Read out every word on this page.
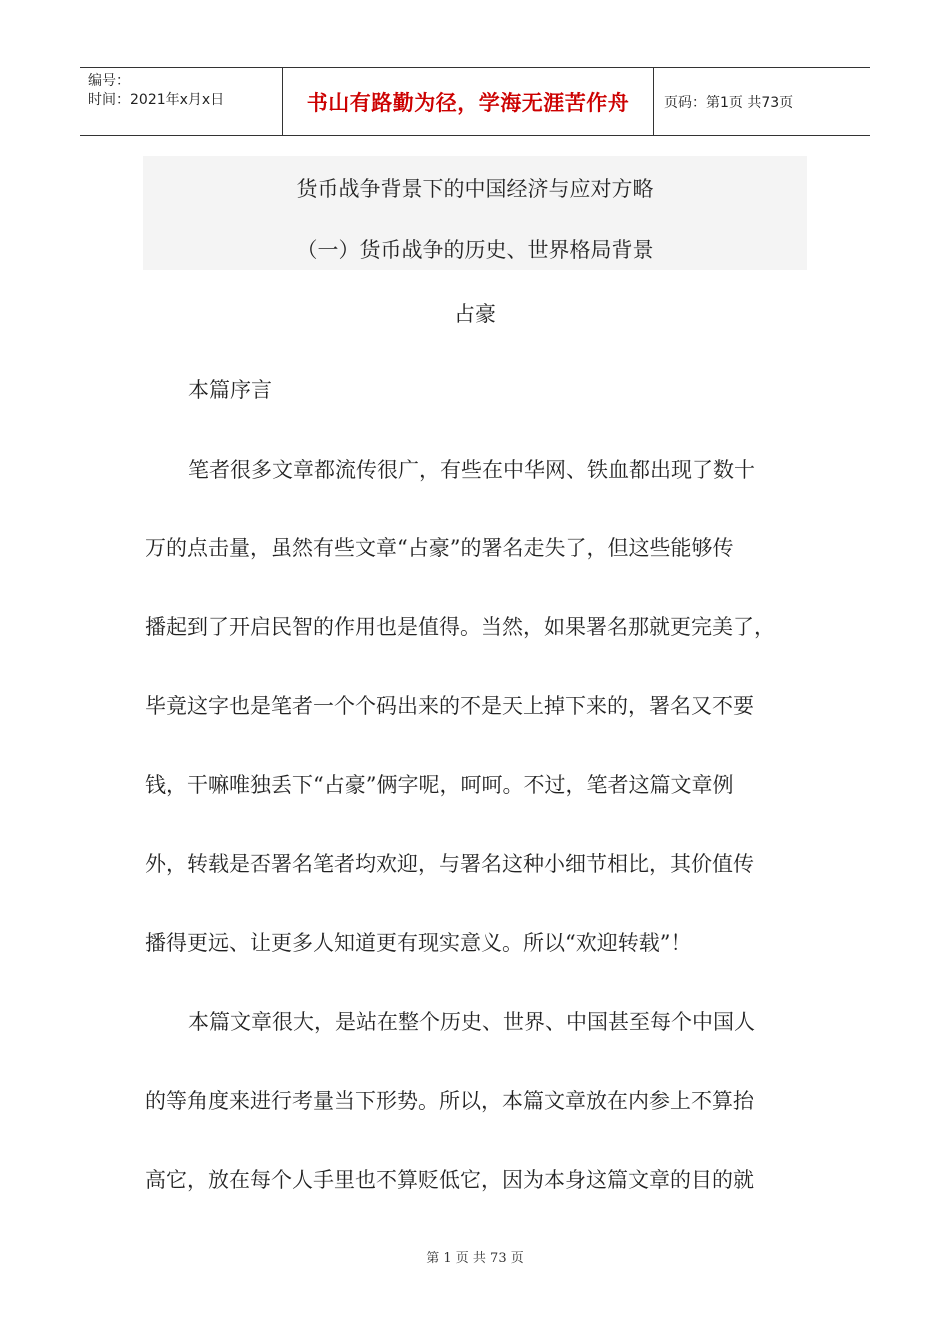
编号：
时间：2021年x月x日	书山有路勤为径，学海无涯苦作舟 页码：第1页 共73页
货币战争背景下的中国经济与应对方略
（一）货币战争的历史、世界格局背景
占豪
本篇序言
笔者很多文章都流传很广，有些在中华网、铁血都出现了数十
万的点击量，虽然有些文章“占豪”的署名走失了，但这些能够传
播起到了开启民智的作用也是值得。当然，如果署名那就更完美了，
毕竟这字也是笔者一个个码出来的不是天上掉下来的，署名又不要
钱，干嘛唯独丢下“占豪”俩字呢，呵呵。不过，笔者这篇文章例
外，转载是否署名笔者均欢迎，与署名这种小细节相比，其价值传
播得更远、让更多人知道更有现实意义。所以“欢迎转载”！
本篇文章很大，是站在整个历史、世界、中国甚至每个中国人
的等角度来进行考量当下形势。所以，本篇文章放在内参上不算抬
高它，放在每个人手里也不算贬低它，因为本身这篇文章的目的就
第 1 页 共 73 页
